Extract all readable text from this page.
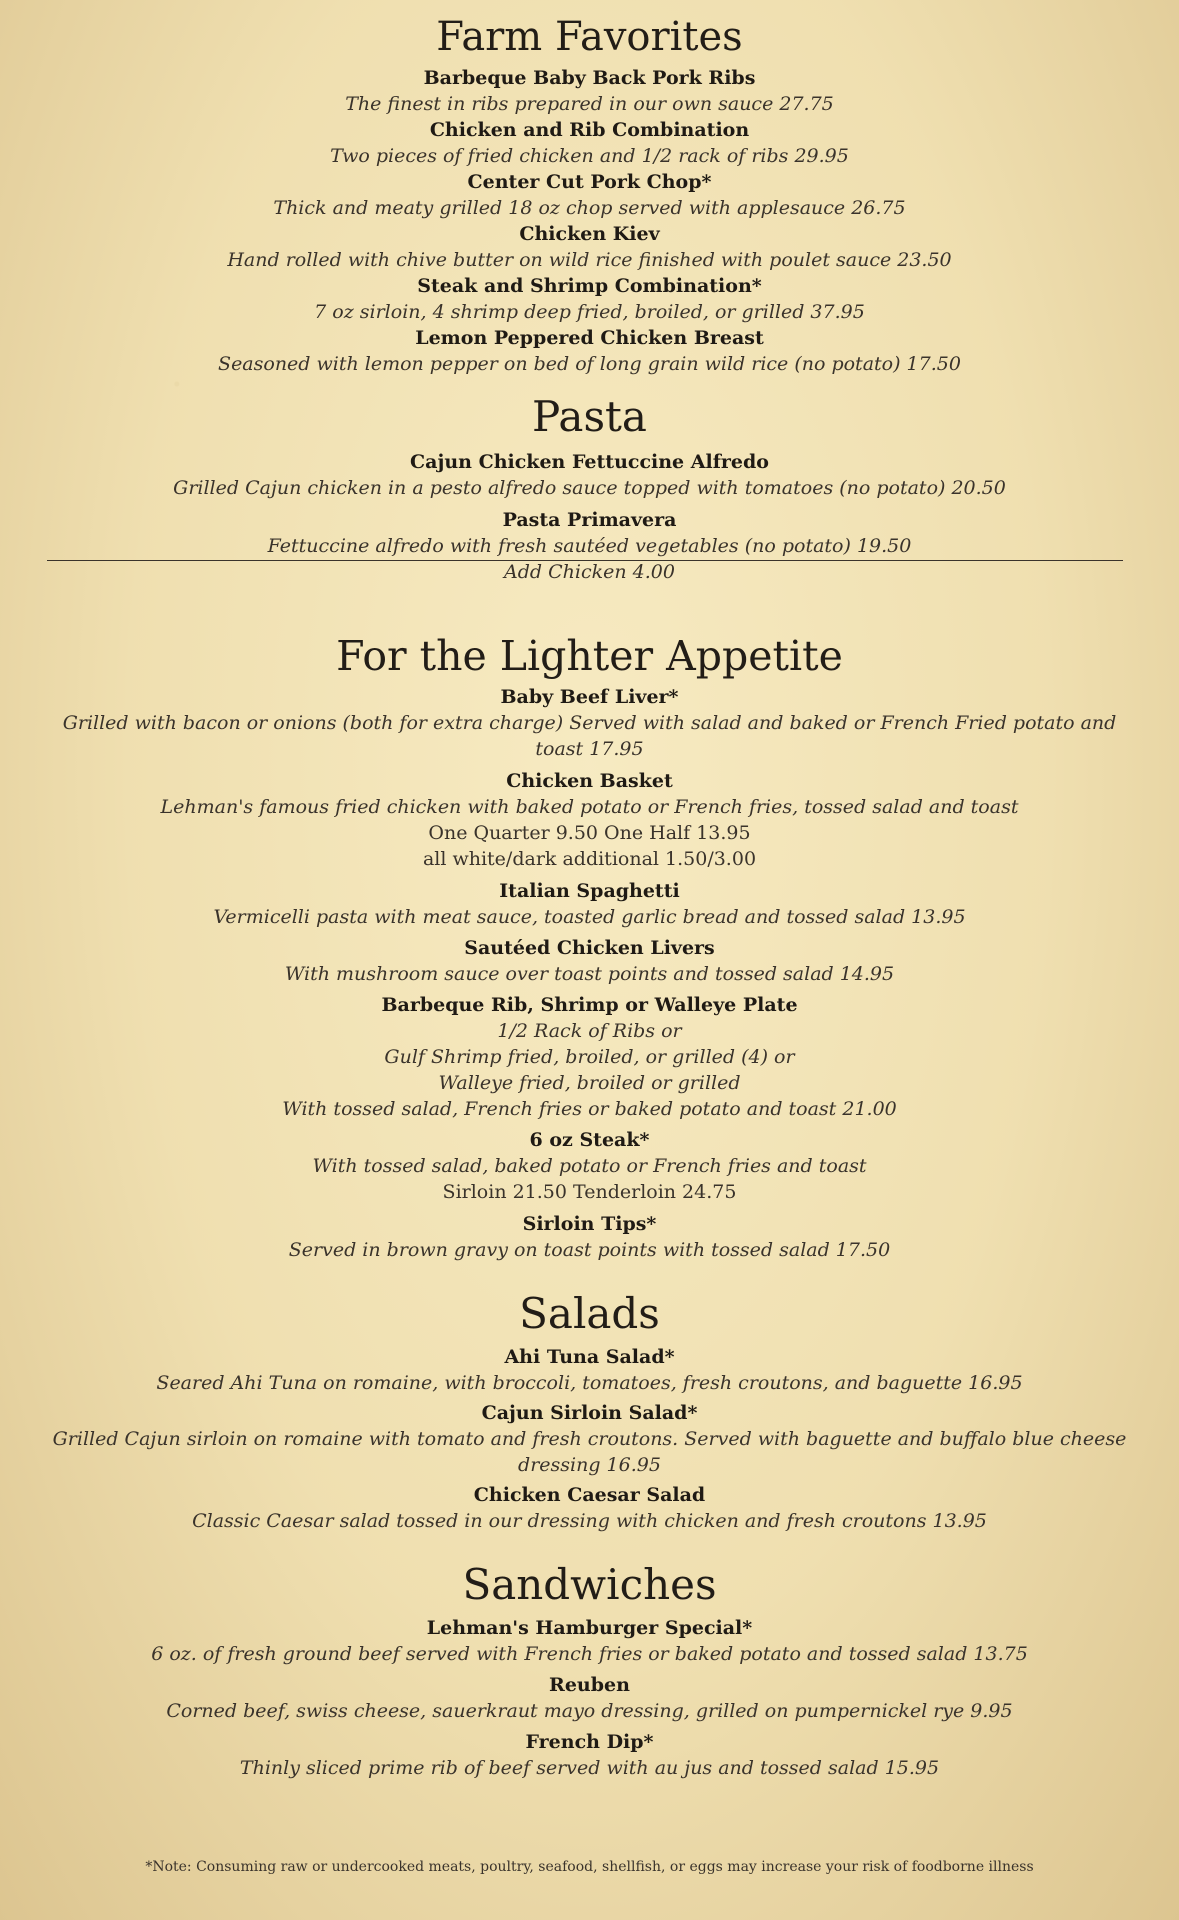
Farm Favorites

Barbeque Baby Back Pork Ribs

The finest in ribs prepared in our own sauce 27.75

Chicken and Rib Combination

Two pieces of fried chicken and 1/2 rack of ribs 29.95

Center Cut Pork Chop*

Thick and meaty grilled 18 oz chop served with applesauce 26.75

Chicken Kiev

Hand rolled with chive butter on wild rice finished with poulet sauce 23.50

Steak and Shrimp Combination*

7 oz sirloin, 4 shrimp deep fried, broiled, or grilled 37.95

Lemon Peppered Chicken Breast

Seasoned with lemon pepper on bed of long grain wild rice (no potato) 17.50

Pasta

Cajun Chicken Fettuccine Alfredo

Grilled Cajun chicken in a pesto alfredo sauce topped with tomatoes (no potato) 20.50

Pasta Primavera

Fettuccine alfredo with fresh sautéed vegetables (no potato) 19.50

Add Chicken 4.00

For the Lighter Appetite

Baby Beef Liver*

Grilled with bacon or onions (both for extra charge) Served with salad and baked or French Fried potato and

toast 17.95

Chicken Basket

Lehman's famous fried chicken with baked potato or French fries, tossed salad and toast

One Quarter 9.50 One Half 13.95

all white/dark additional 1.50/3.00

Italian Spaghetti

Vermicelli pasta with meat sauce, toasted garlic bread and tossed salad 13.95

Sautéed Chicken Livers

With mushroom sauce over toast points and tossed salad 14.95

Barbeque Rib, Shrimp or Walleye Plate

1/2 Rack of Ribs or

Gulf Shrimp fried, broiled, or grilled (4) or

Walleye fried, broiled or grilled

With tossed salad, French fries or baked potato and toast 21.00

6 oz Steak*

With tossed salad, baked potato or French fries and toast

Sirloin 21.50 Tenderloin 24.75

Sirloin Tips*

Served in brown gravy on toast points with tossed salad 17.50

Salads

Ahi Tuna Salad*

Seared Ahi Tuna on romaine, with broccoli, tomatoes, fresh croutons, and baguette 16.95

Cajun Sirloin Salad*

Grilled Cajun sirloin on romaine with tomato and fresh croutons. Served with baguette and buffalo blue cheese

dressing 16.95

Chicken Caesar Salad

Classic Caesar salad tossed in our dressing with chicken and fresh croutons 13.95

Sandwiches

Lehman's Hamburger Special*

6 oz. of fresh ground beef served with French fries or baked potato and tossed salad 13.75

Reuben

Corned beef, swiss cheese, sauerkraut mayo dressing, grilled on pumpernickel rye 9.95

French Dip*

Thinly sliced prime rib of beef served with au jus and tossed salad 15.95

*Note: Consuming raw or undercooked meats, poultry, seafood, shellfish, or eggs may increase your risk of foodborne illness
